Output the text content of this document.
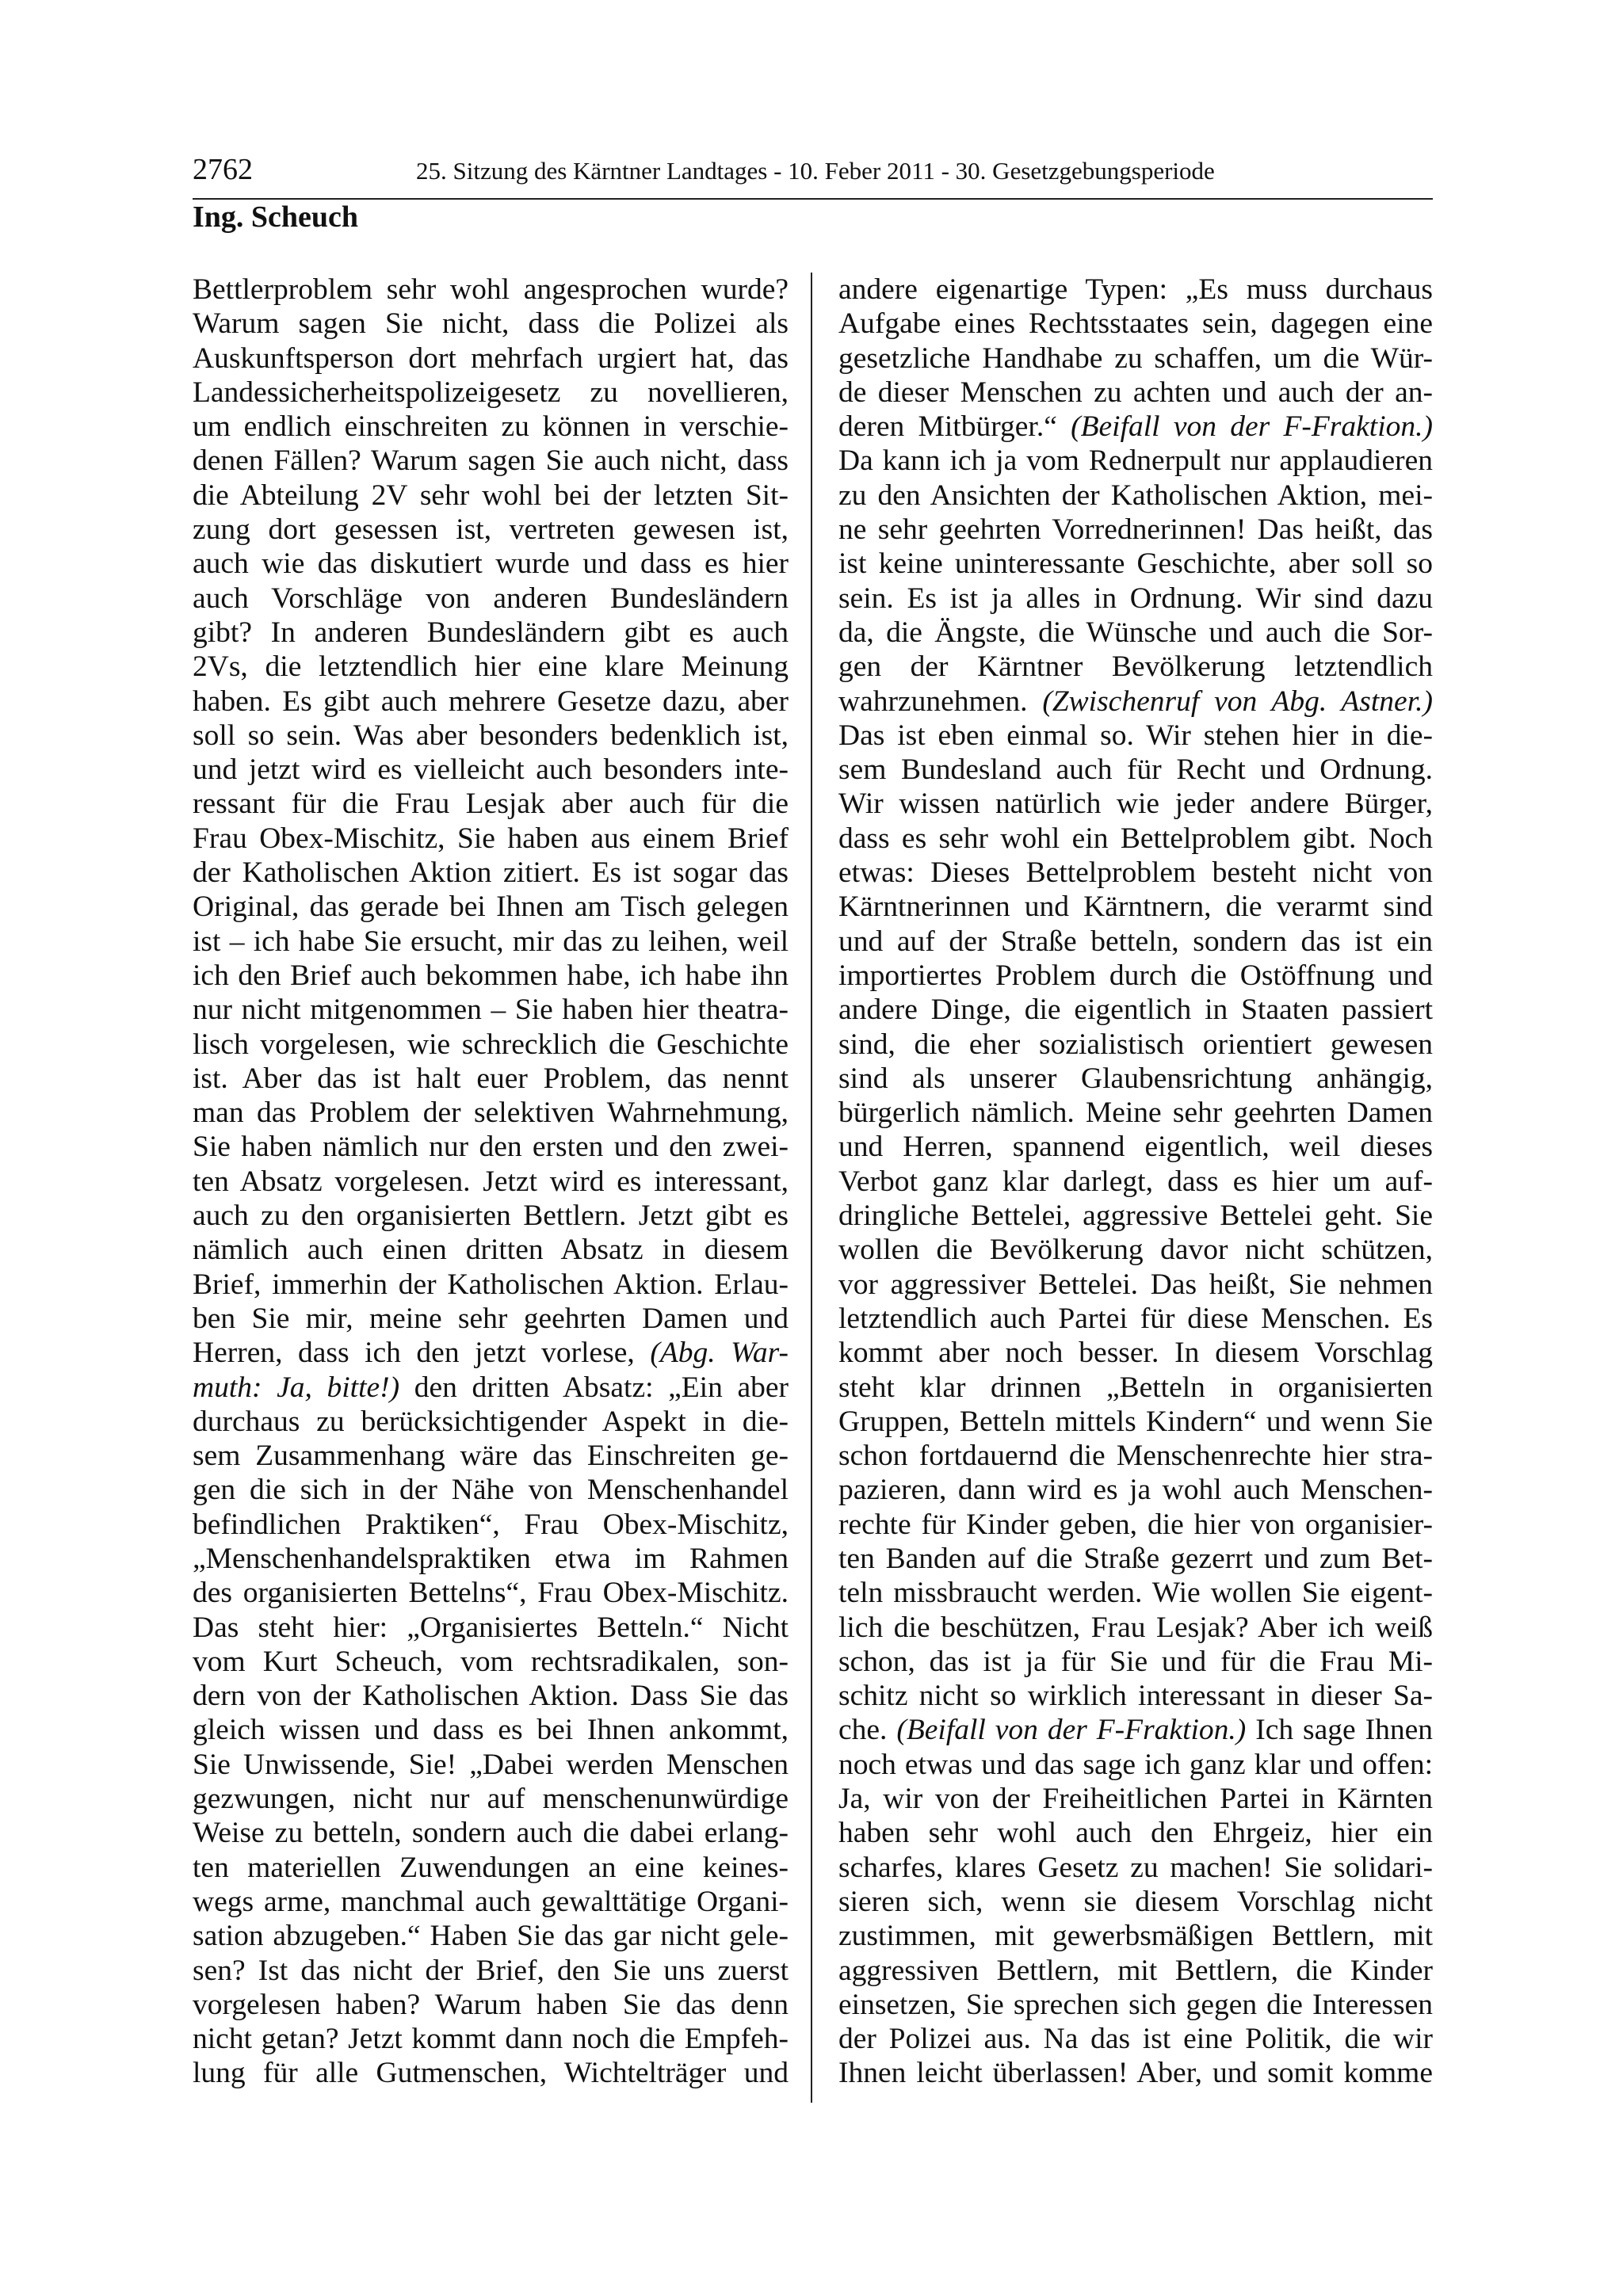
2762	25. Sitzung des Kärntner Landtages - 10. Feber 2011 - 30. Gesetzgebungsperiode
Ing. Scheuch
Bettlerproblem sehr wohl angesprochen wurde?
Warum sagen Sie nicht, dass die Polizei als
Auskunftsperson dort mehrfach urgiert hat, das
Landessicherheitspolizeigesetz zu novellieren,
um endlich einschreiten zu können in verschie-
denen Fällen? Warum sagen Sie auch nicht, dass
die Abteilung 2V sehr wohl bei der letzten Sit-
zung dort gesessen ist, vertreten gewesen ist,
auch wie das diskutiert wurde und dass es hier
auch Vorschläge von anderen Bundesländern
gibt? In anderen Bundesländern gibt es auch
2Vs, die letztendlich hier eine klare Meinung
haben. Es gibt auch mehrere Gesetze dazu, aber
soll so sein. Was aber besonders bedenklich ist,
und jetzt wird es vielleicht auch besonders inte-
ressant für die Frau Lesjak aber auch für die
Frau Obex-Mischitz, Sie haben aus einem Brief
der Katholischen Aktion zitiert. Es ist sogar das
Original, das gerade bei Ihnen am Tisch gelegen
ist – ich habe Sie ersucht, mir das zu leihen, weil
ich den Brief auch bekommen habe, ich habe ihn
nur nicht mitgenommen – Sie haben hier theatra-
lisch vorgelesen, wie schrecklich die Geschichte
ist. Aber das ist halt euer Problem, das nennt
man das Problem der selektiven Wahrnehmung,
Sie haben nämlich nur den ersten und den zwei-
ten Absatz vorgelesen. Jetzt wird es interessant,
auch zu den organisierten Bettlern. Jetzt gibt es
nämlich auch einen dritten Absatz in diesem
Brief, immerhin der Katholischen Aktion. Erlau-
ben Sie mir, meine sehr geehrten Damen und
Herren, dass ich den jetzt vorlese, (Abg. War-
muth: Ja, bitte!) den dritten Absatz: „Ein aber
durchaus zu berücksichtigender Aspekt in die-
sem Zusammenhang wäre das Einschreiten ge-
gen die sich in der Nähe von Menschenhandel
befindlichen Praktiken“, Frau Obex-Mischitz,
„Menschenhandelspraktiken etwa im Rahmen
des organisierten Bettelns“, Frau Obex-Mischitz.
Das steht hier: „Organisiertes Betteln.“ Nicht
vom Kurt Scheuch, vom rechtsradikalen, son-
dern von der Katholischen Aktion. Dass Sie das
gleich wissen und dass es bei Ihnen ankommt,
Sie Unwissende, Sie! „Dabei werden Menschen
gezwungen, nicht nur auf menschenunwürdige
Weise zu betteln, sondern auch die dabei erlang-
ten materiellen Zuwendungen an eine keines-
wegs arme, manchmal auch gewalttätige Organi-
sation abzugeben.“ Haben Sie das gar nicht gele-
sen? Ist das nicht der Brief, den Sie uns zuerst
vorgelesen haben? Warum haben Sie das denn
nicht getan? Jetzt kommt dann noch die Empfeh-
lung für alle Gutmenschen, Wichtelträger und
andere eigenartige Typen: „Es muss durchaus
Aufgabe eines Rechtsstaates sein, dagegen eine
gesetzliche Handhabe zu schaffen, um die Wür-
de dieser Menschen zu achten und auch der an-
deren Mitbürger.“ (Beifall von der F-Fraktion.)
Da kann ich ja vom Rednerpult nur applaudieren
zu den Ansichten der Katholischen Aktion, mei-
ne sehr geehrten Vorrednerinnen! Das heißt, das
ist keine uninteressante Geschichte, aber soll so
sein. Es ist ja alles in Ordnung. Wir sind dazu
da, die Ängste, die Wünsche und auch die Sor-
gen der Kärntner Bevölkerung letztendlich
wahrzunehmen. (Zwischenruf von Abg. Astner.)
Das ist eben einmal so. Wir stehen hier in die-
sem Bundesland auch für Recht und Ordnung.
Wir wissen natürlich wie jeder andere Bürger,
dass es sehr wohl ein Bettelproblem gibt. Noch
etwas: Dieses Bettelproblem besteht nicht von
Kärntnerinnen und Kärntnern, die verarmt sind
und auf der Straße betteln, sondern das ist ein
importiertes Problem durch die Ostöffnung und
andere Dinge, die eigentlich in Staaten passiert
sind, die eher sozialistisch orientiert gewesen
sind als unserer Glaubensrichtung anhängig,
bürgerlich nämlich. Meine sehr geehrten Damen
und Herren, spannend eigentlich, weil dieses
Verbot ganz klar darlegt, dass es hier um auf-
dringliche Bettelei, aggressive Bettelei geht. Sie
wollen die Bevölkerung davor nicht schützen,
vor aggressiver Bettelei. Das heißt, Sie nehmen
letztendlich auch Partei für diese Menschen. Es
kommt aber noch besser. In diesem Vorschlag
steht klar drinnen „Betteln in organisierten
Gruppen, Betteln mittels Kindern“ und wenn Sie
schon fortdauernd die Menschenrechte hier stra-
pazieren, dann wird es ja wohl auch Menschen-
rechte für Kinder geben, die hier von organisier-
ten Banden auf die Straße gezerrt und zum Bet-
teln missbraucht werden. Wie wollen Sie eigent-
lich die beschützen, Frau Lesjak? Aber ich weiß
schon, das ist ja für Sie und für die Frau Mi-
schitz nicht so wirklich interessant in dieser Sa-
che. (Beifall von der F-Fraktion.) Ich sage Ihnen
noch etwas und das sage ich ganz klar und offen:
Ja, wir von der Freiheitlichen Partei in Kärnten
haben sehr wohl auch den Ehrgeiz, hier ein
scharfes, klares Gesetz zu machen! Sie solidari-
sieren sich, wenn sie diesem Vorschlag nicht
zustimmen, mit gewerbsmäßigen Bettlern, mit
aggressiven Bettlern, mit Bettlern, die Kinder
einsetzen, Sie sprechen sich gegen die Interessen
der Polizei aus. Na das ist eine Politik, die wir
Ihnen leicht überlassen! Aber, und somit komme
